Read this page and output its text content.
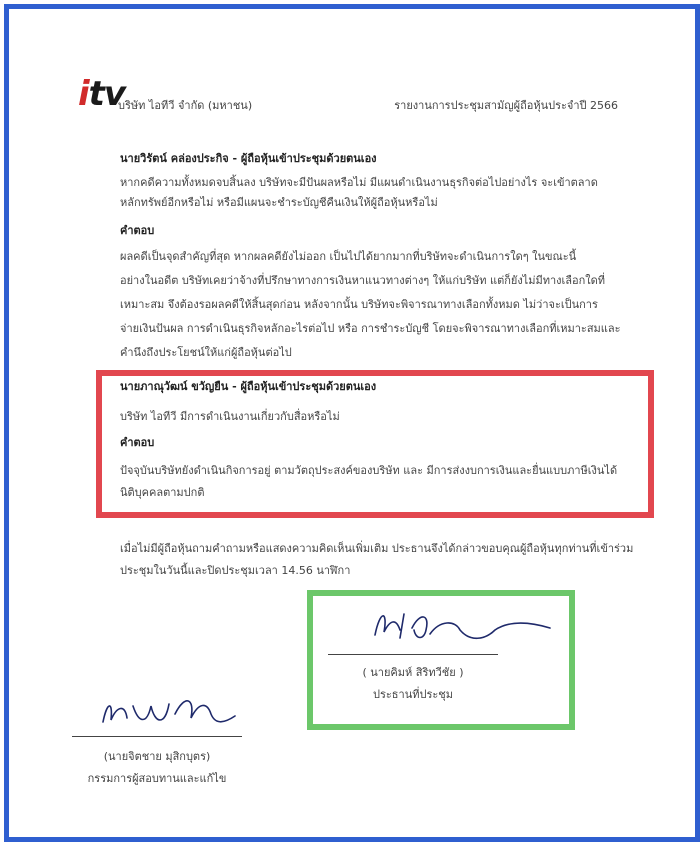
itv
บริษัท ไอทีวี จำกัด (มหาชน)	รายงานการประชุมสามัญผู้ถือหุ้นประจำปี 2566
นายวิรัตน์ คล่องประกิจ - ผู้ถือหุ้นเข้าประชุมด้วยตนเอง
หากคดีความทั้งหมดจบสิ้นลง บริษัทจะมีปันผลหรือไม่ มีแผนดำเนินงานธุรกิจต่อไปอย่างไร จะเข้าตลาด
หลักทรัพย์อีกหรือไม่ หรือมีแผนจะชำระบัญชีคืนเงินให้ผู้ถือหุ้นหรือไม่
คำตอบ
ผลคดีเป็นจุดสำคัญที่สุด หากผลคดียังไม่ออก เป็นไปได้ยากมากที่บริษัทจะดำเนินการใดๆ ในขณะนี้
อย่างในอดีต บริษัทเคยว่าจ้างที่ปรึกษาทางการเงินหาแนวทางต่างๆ ให้แก่บริษัท แต่ก็ยังไม่มีทางเลือกใดที่
เหมาะสม จึงต้องรอผลคดีให้สิ้นสุดก่อน หลังจากนั้น บริษัทจะพิจารณาทางเลือกทั้งหมด ไม่ว่าจะเป็นการ
จ่ายเงินปันผล การดำเนินธุรกิจหลักอะไรต่อไป หรือ การชำระบัญชี โดยจะพิจารณาทางเลือกที่เหมาะสมและ
คำนึงถึงประโยชน์ให้แก่ผู้ถือหุ้นต่อไป
นายภาณุวัฒน์ ขวัญยืน - ผู้ถือหุ้นเข้าประชุมด้วยตนเอง
บริษัท ไอทีวี มีการดำเนินงานเกี่ยวกับสื่อหรือไม่
คำตอบ
ปัจจุบันบริษัทยังดำเนินกิจการอยู่ ตามวัตถุประสงค์ของบริษัท และ มีการส่งงบการเงินและยื่นแบบภาษีเงินได้
นิติบุคคลตามปกติ
เมื่อไม่มีผู้ถือหุ้นถามคำถามหรือแสดงความคิดเห็นเพิ่มเติม ประธานจึงได้กล่าวขอบคุณผู้ถือหุ้นทุกท่านที่เข้าร่วม
ประชุมในวันนี้และปิดประชุมเวลา 14.56 นาฬิกา
( นายคิมห์ สิริทวีชัย )
ประธานที่ประชุม
(นายจิตชาย มุสิกบุตร)
กรรมการผู้สอบทานและแก้ไข
